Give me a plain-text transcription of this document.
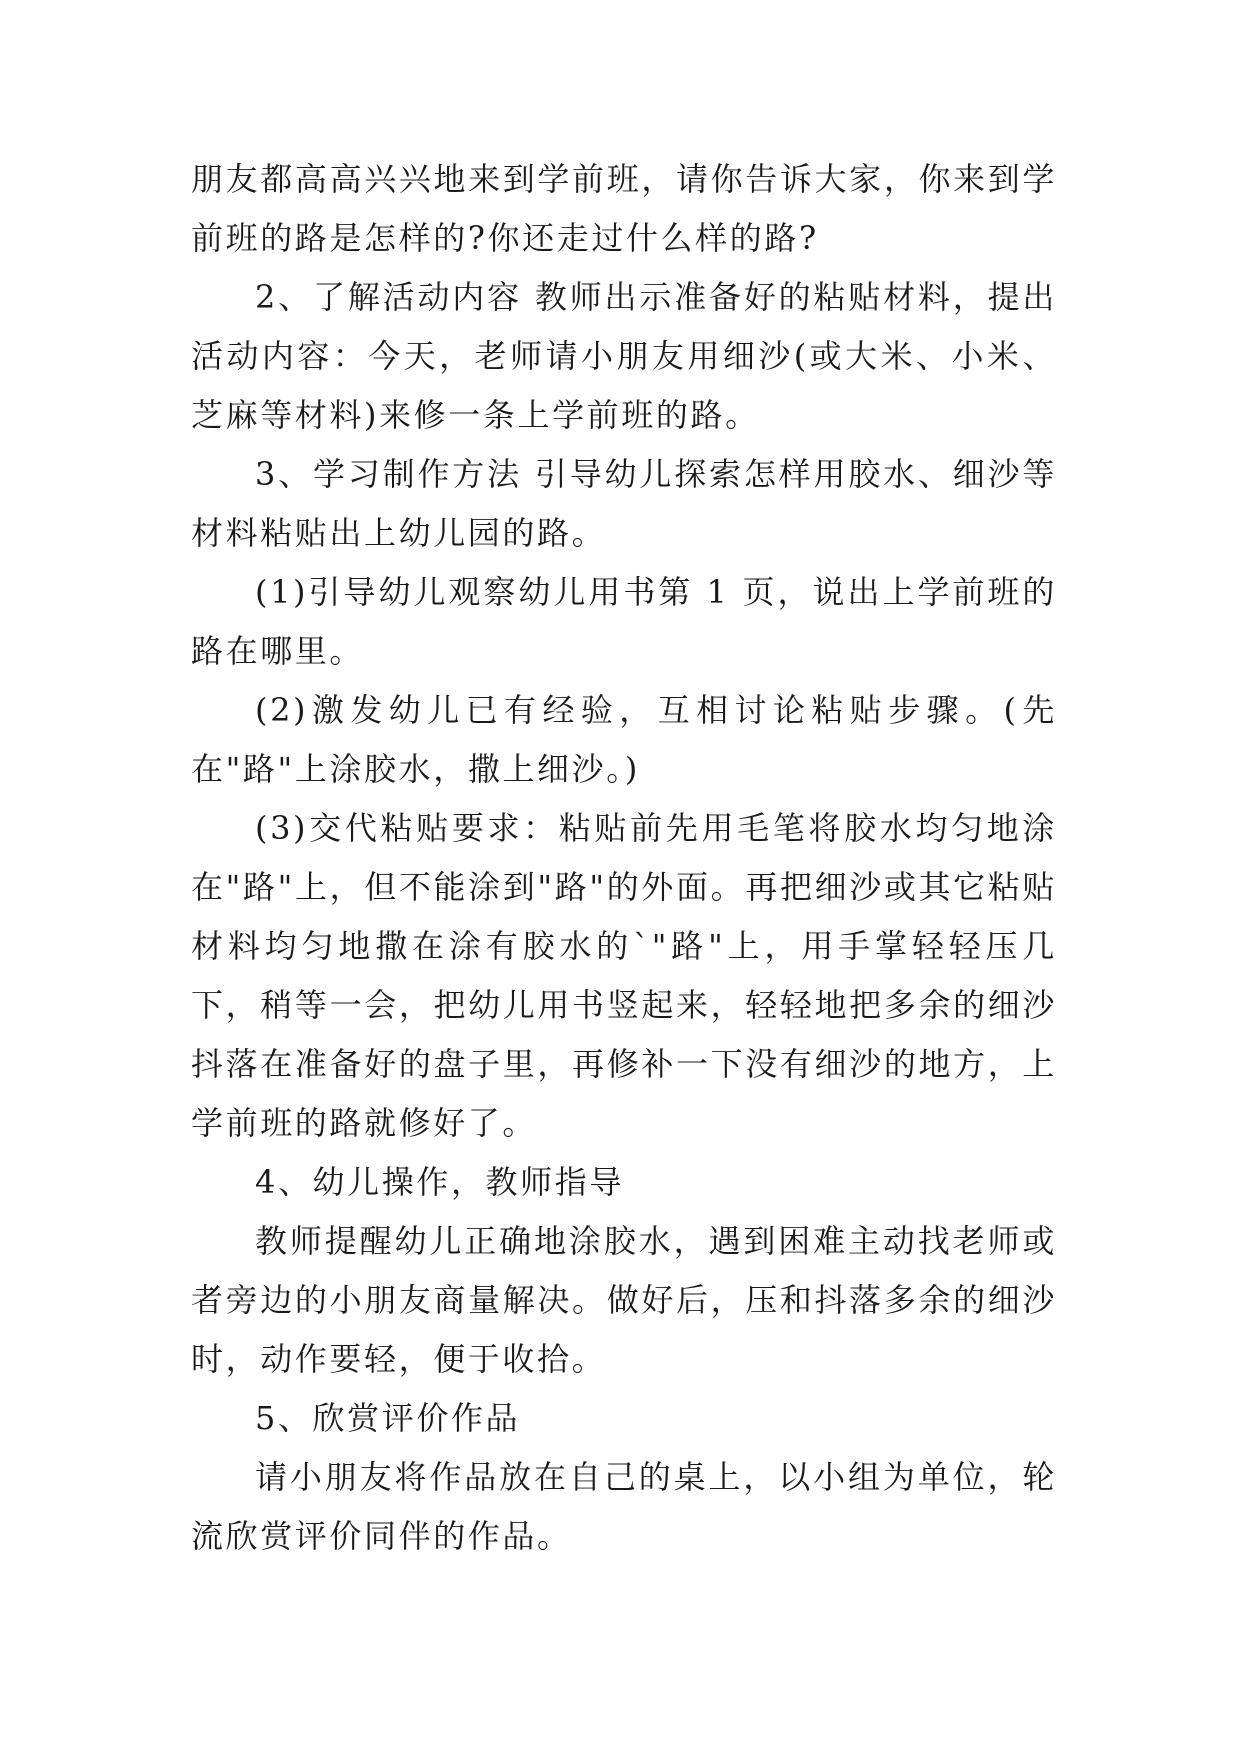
朋友都高高兴兴地来到学前班，请你告诉大家，你来到学前班的路是怎样的?你还走过什么样的路?

2、了解活动内容 教师出示准备好的粘贴材料，提出活动内容：今天，老师请小朋友用细沙(或大米、小米、芝麻等材料)来修一条上学前班的路。

3、学习制作方法 引导幼儿探索怎样用胶水、细沙等材料粘贴出上幼儿园的路。

(1)引导幼儿观察幼儿用书第 1 页，说出上学前班的路在哪里。

(2)激发幼儿已有经验，互相讨论粘贴步骤。(先在"路"上涂胶水，撒上细沙。)

(3)交代粘贴要求：粘贴前先用毛笔将胶水均匀地涂在"路"上，但不能涂到"路"的外面。再把细沙或其它粘贴材料均匀地撒在涂有胶水的`"路"上，用手掌轻轻压几下，稍等一会，把幼儿用书竖起来，轻轻地把多余的细沙抖落在准备好的盘子里，再修补一下没有细沙的地方，上学前班的路就修好了。

4、幼儿操作，教师指导

教师提醒幼儿正确地涂胶水，遇到困难主动找老师或者旁边的小朋友商量解决。做好后，压和抖落多余的细沙时，动作要轻，便于收拾。

5、欣赏评价作品

请小朋友将作品放在自己的桌上，以小组为单位，轮流欣赏评价同伴的作品。
